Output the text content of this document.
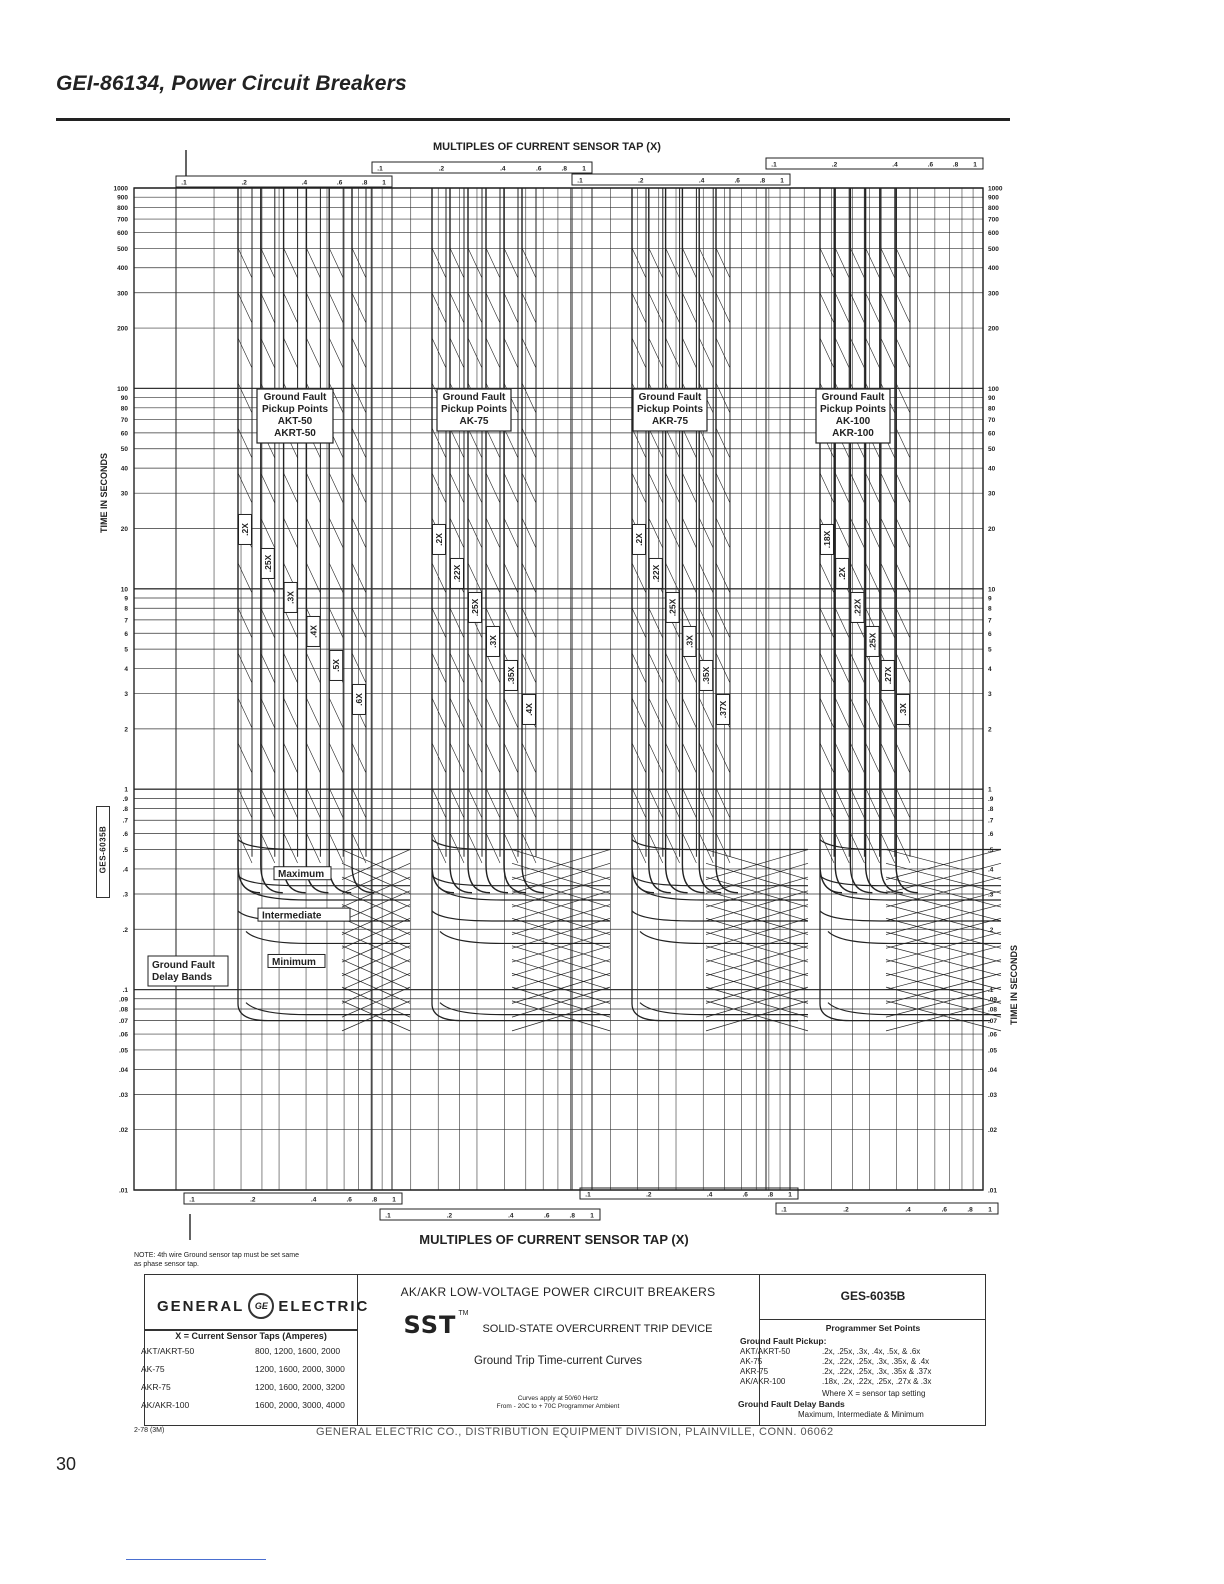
GEI-86134, Power Circuit Breakers
1000
900
800
700
600
500
400
300
200
100
90
80
70
60
50
40
30
20
10
9
8
7
6
5
4
3
2
1
.9
.8
.7
.6
.5
.4
.3
.2
.1
.09
.08
.07
.06
.05
.04
.03
.02
.01
1000
900
800
700
600
500
400
300
200
100
90
80
70
60
50
40
30
20
10
9
8
7
6
5
4
3
2
1
.9
.8
.7
.6
.5
.4
.3
.2
.1
.09
.08
.07
.06
.05
.04
.03
.02
.01
.1	.2	.4	.6	.8 1
.1	.2	.4	.6	.8 1
.1	.2	.4	.6	.8 1
.1	.2	.4	.6	.8 1
.1	.2	.4	.6	.8 1
.1	.2	.4	.6	.8 1
.1	.2	.4	.6	.8 1
.1	.2	.4	.6	.8 1
MULTIPLES OF CURRENT SENSOR TAP (X)
MULTIPLES OF CURRENT SENSOR TAP (X)
TIME IN SECONDS
TIME IN SECONDS
.2X
.25X
.3X
.4X
.5X
.6X
Ground Fault
Pickup Points
AKT-50
AKRT-50
.2X
.22X
.25X
.3X
.35X
.4X
Ground Fault
Pickup Points
AK-75
.2X
.22X
.25X
.3X
.35X
.37X
Ground Fault
Pickup Points
AKR-75
.18X
.2X
.22X
.25X
.27X
.3X
Ground Fault
Pickup Points
AK-100
AKR-100
Maximum
Intermediate
Minimum
Ground Fault
Delay Bands
GES-6035B
NOTE: 4th wire Ground sensor tap must be set same
as phase sensor tap.
GENERAL	GE ELECTRIC
X = Current Sensor Taps (Amperes)
AKT/AKRT-50	800, 1200, 1600, 2000
AK-75	1200, 1600, 2000, 3000
AKR-75	1200, 1600, 2000, 3200
AK/AKR-100	1600, 2000, 3000, 4000
AK/AKR LOW-VOLTAGE POWER CIRCUIT BREAKERS
SST TM
SOLID-STATE OVERCURRENT TRIP DEVICE
Ground Trip Time-current Curves
Curves apply at 50/60 Hertz
From - 20C to + 70C Programmer Ambient
GES-6035B
Programmer Set Points
Ground Fault Pickup:
AKT/AKRT-50	.2x, .25x, .3x, .4x, .5x, & .6x
AK-75	.2x, .22x, .25x, .3x, .35x, & .4x
AKR-75	.2x, .22x, .25x, .3x, .35x & .37x
AK/AKR-100	.18x, .2x, .22x, .25x, .27x & .3x
Where X = sensor tap setting
Ground Fault Delay Bands
Maximum, Intermediate & Minimum
2-78 (3M)	GENERAL ELECTRIC CO., DISTRIBUTION EQUIPMENT DIVISION, PLAINVILLE, CONN. 06062
30
